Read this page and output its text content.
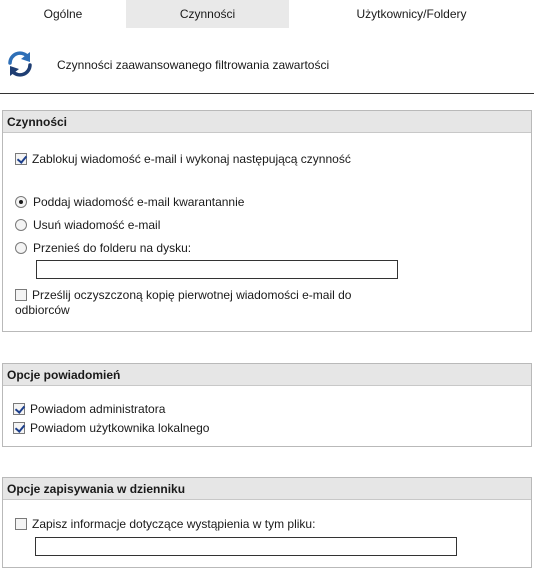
Ogólne	Czynności	Użytkownicy/Foldery
Czynności zaawansowanego filtrowania zawartości
Czynności
Zablokuj wiadomość e-mail i wykonaj następującą czynność
Poddaj wiadomość e-mail kwarantannie
Usuń wiadomość e-mail
Przenieś do folderu na dysku:
Prześlij oczyszczoną kopię pierwotnej wiadomości e-mail do odbiorców
Opcje powiadomień
Powiadom administratora
Powiadom użytkownika lokalnego
Opcje zapisywania w dzienniku
Zapisz informacje dotyczące wystąpienia w tym pliku:
